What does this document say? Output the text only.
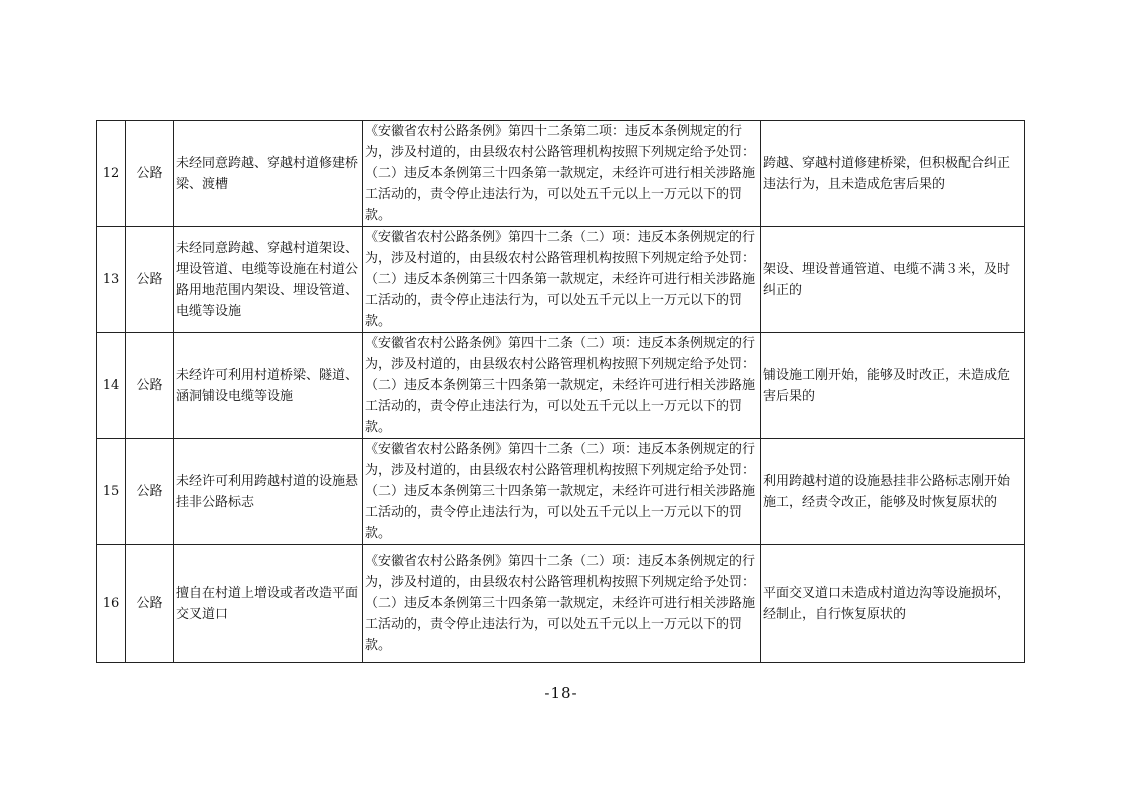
12	公路	未经同意跨越、穿越村道修建桥梁、渡槽	《安徽省农村公路条例》第四十二条第二项：违反本条例规定的行为，涉及村道的，由县级农村公路管理机构按照下列规定给予处罚：（二）违反本条例第三十四条第一款规定，未经许可进行相关涉路施工活动的，责令停止违法行为，可以处五千元以上一万元以下的罚款。	跨越、穿越村道修建桥梁，但积极配合纠正违法行为，且未造成危害后果的
13	公路	未经同意跨越、穿越村道架设、埋设管道、电缆等设施在村道公路用地范围内架设、埋设管道、电缆等设施	《安徽省农村公路条例》第四十二条（二）项：违反本条例规定的行为，涉及村道的，由县级农村公路管理机构按照下列规定给予处罚：（二）违反本条例第三十四条第一款规定，未经许可进行相关涉路施工活动的，责令停止违法行为，可以处五千元以上一万元以下的罚款。	架设、埋设普通管道、电缆不满３米，及时纠正的
14	公路	未经许可利用村道桥梁、隧道、涵洞铺设电缆等设施	《安徽省农村公路条例》第四十二条（二）项：违反本条例规定的行为，涉及村道的，由县级农村公路管理机构按照下列规定给予处罚：（二）违反本条例第三十四条第一款规定，未经许可进行相关涉路施工活动的，责令停止违法行为，可以处五千元以上一万元以下的罚款。	铺设施工刚开始，能够及时改正，未造成危害后果的
15	公路	未经许可利用跨越村道的设施悬挂非公路标志	《安徽省农村公路条例》第四十二条（二）项：违反本条例规定的行为，涉及村道的，由县级农村公路管理机构按照下列规定给予处罚：（二）违反本条例第三十四条第一款规定，未经许可进行相关涉路施工活动的，责令停止违法行为，可以处五千元以上一万元以下的罚款。	利用跨越村道的设施悬挂非公路标志刚开始施工，经责令改正，能够及时恢复原状的
16	公路	擅自在村道上增设或者改造平面交叉道口	《安徽省农村公路条例》第四十二条（二）项：违反本条例规定的行为，涉及村道的，由县级农村公路管理机构按照下列规定给予处罚：（二）违反本条例第三十四条第一款规定，未经许可进行相关涉路施工活动的，责令停止违法行为，可以处五千元以上一万元以下的罚款。	平面交叉道口未造成村道边沟等设施损坏，经制止，自行恢复原状的
-18-
